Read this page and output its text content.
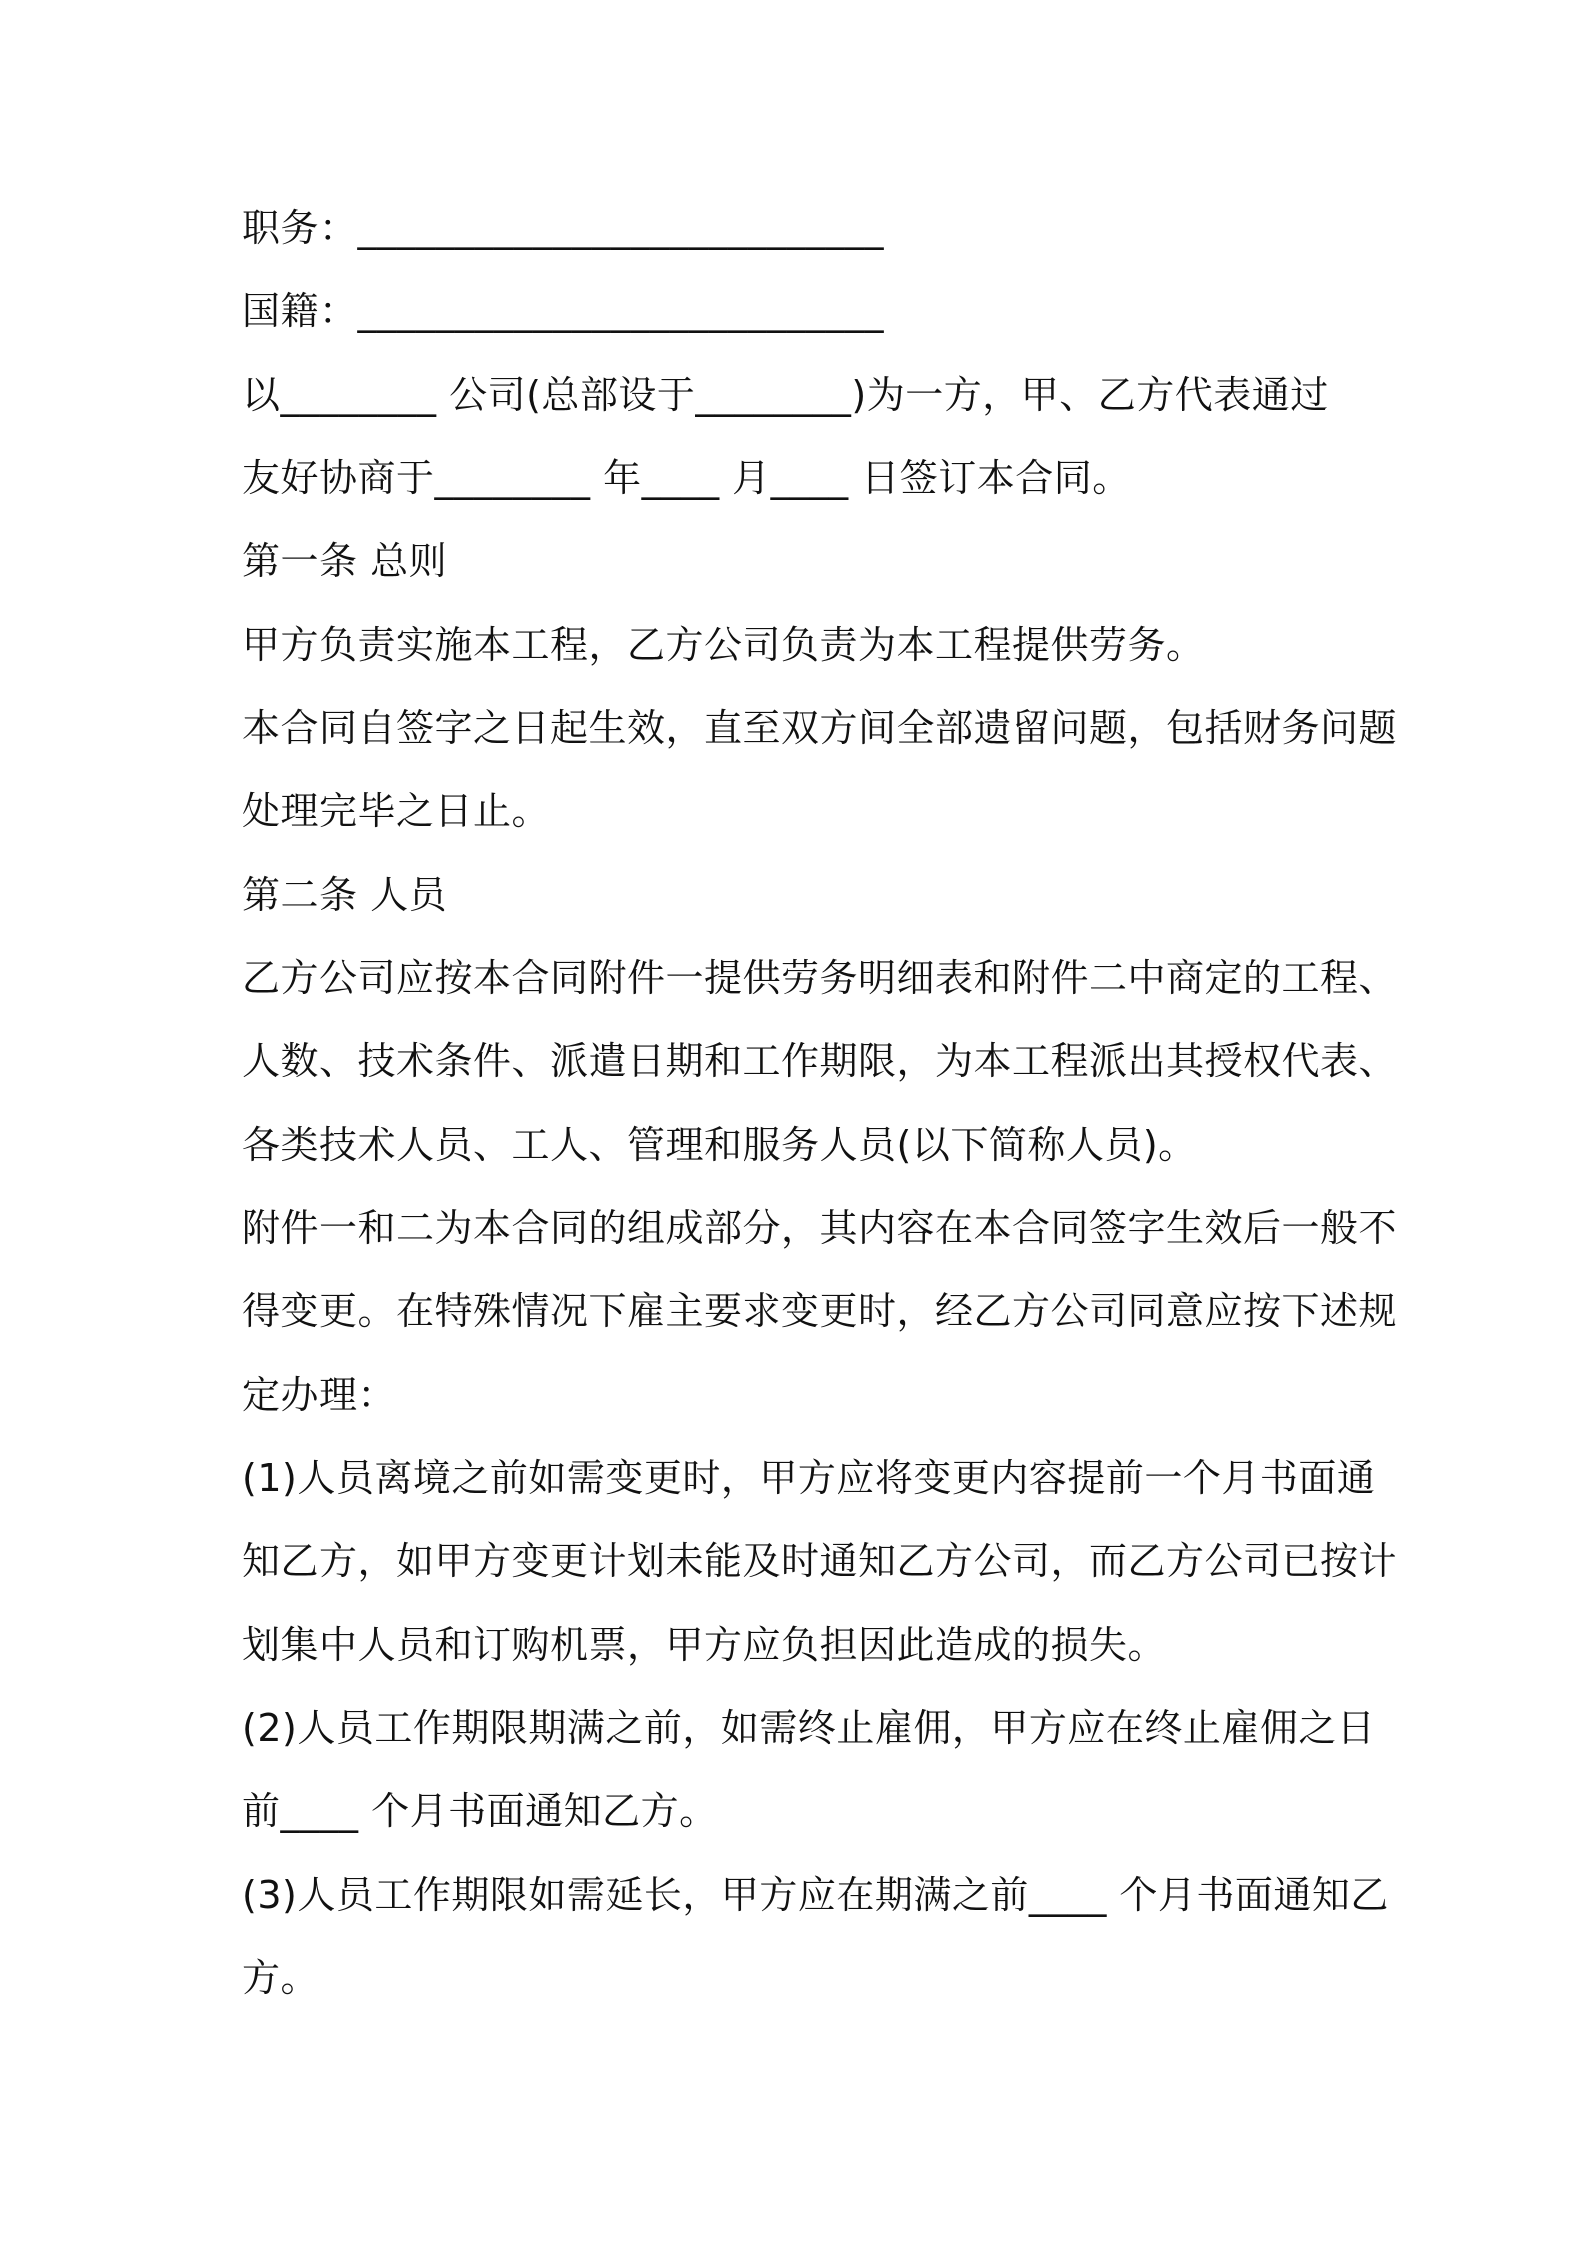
职务：___________________________
国籍：___________________________
以________ 公司(总部设于________)为一方，甲、乙方代表通过
友好协商于________ 年____ 月____ 日签订本合同。
第一条 总则
甲方负责实施本工程，乙方公司负责为本工程提供劳务。
本合同自签字之日起生效，直至双方间全部遗留问题，包括财务问题
处理完毕之日止。
第二条 人员
乙方公司应按本合同附件一提供劳务明细表和附件二中商定的工程、
人数、技术条件、派遣日期和工作期限，为本工程派出其授权代表、
各类技术人员、工人、管理和服务人员(以下简称人员)。
附件一和二为本合同的组成部分，其内容在本合同签字生效后一般不
得变更。在特殊情况下雇主要求变更时，经乙方公司同意应按下述规
定办理：
(1)人员离境之前如需变更时，甲方应将变更内容提前一个月书面通
知乙方，如甲方变更计划未能及时通知乙方公司，而乙方公司已按计
划集中人员和订购机票，甲方应负担因此造成的损失。
(2)人员工作期限期满之前，如需终止雇佣，甲方应在终止雇佣之日
前____ 个月书面通知乙方。
(3)人员工作期限如需延长，甲方应在期满之前____ 个月书面通知乙
方。
